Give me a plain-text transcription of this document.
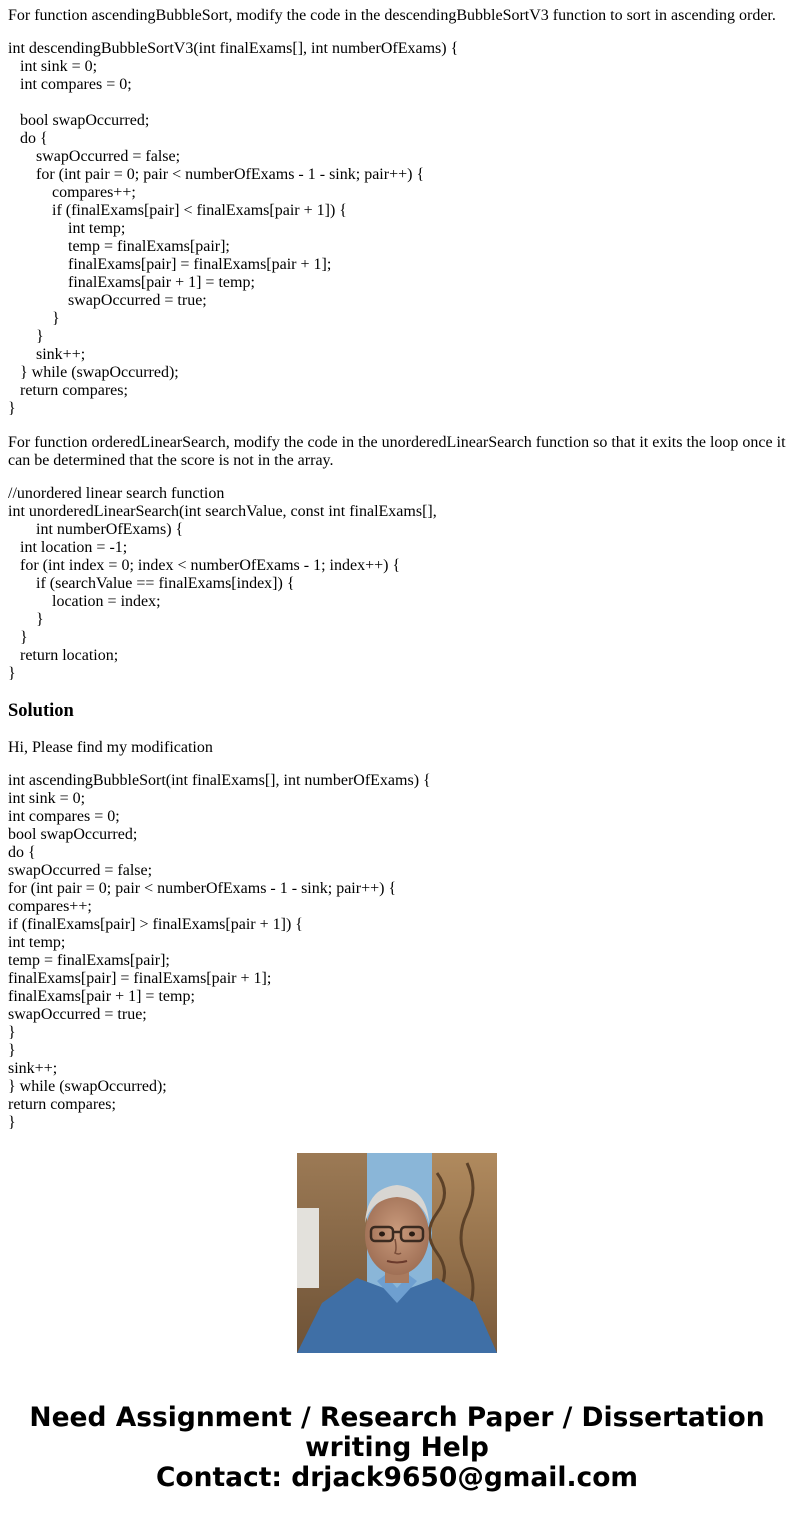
For function ascendingBubbleSort, modify the code in the descendingBubbleSortV3 function to sort in ascending order.
int descendingBubbleSortV3(int finalExams[], int numberOfExams) {
int sink = 0;
int compares = 0;

bool swapOccurred;
do {
swapOccurred = false;
for (int pair = 0; pair < numberOfExams - 1 - sink; pair++) {
compares++;
if (finalExams[pair] < finalExams[pair + 1]) {
int temp;
temp = finalExams[pair];
finalExams[pair] = finalExams[pair + 1];
finalExams[pair + 1] = temp;
swapOccurred = true;
}
}
sink++;
} while (swapOccurred);
return compares;
}
For function orderedLinearSearch, modify the code in the unorderedLinearSearch function so that it exits the loop once it can be determined that the score is not in the array.
//unordered linear search function
int unorderedLinearSearch(int searchValue, const int finalExams[],
int numberOfExams) {
int location = -1;
for (int index = 0; index < numberOfExams - 1; index++) {
if (searchValue == finalExams[index]) {
location = index;
}
}
return location;
}
Solution
Hi, Please find my modification
int ascendingBubbleSort(int finalExams[], int numberOfExams) {
int sink = 0;
int compares = 0;
bool swapOccurred;
do {
swapOccurred = false;
for (int pair = 0; pair < numberOfExams - 1 - sink; pair++) {
compares++;
if (finalExams[pair] > finalExams[pair + 1]) {
int temp;
temp = finalExams[pair];
finalExams[pair] = finalExams[pair + 1];
finalExams[pair + 1] = temp;
swapOccurred = true;
}
}
sink++;
} while (swapOccurred);
return compares;
}
Need Assignment / Research Paper / Dissertation
writing Help
Contact: drjack9650@gmail.com
